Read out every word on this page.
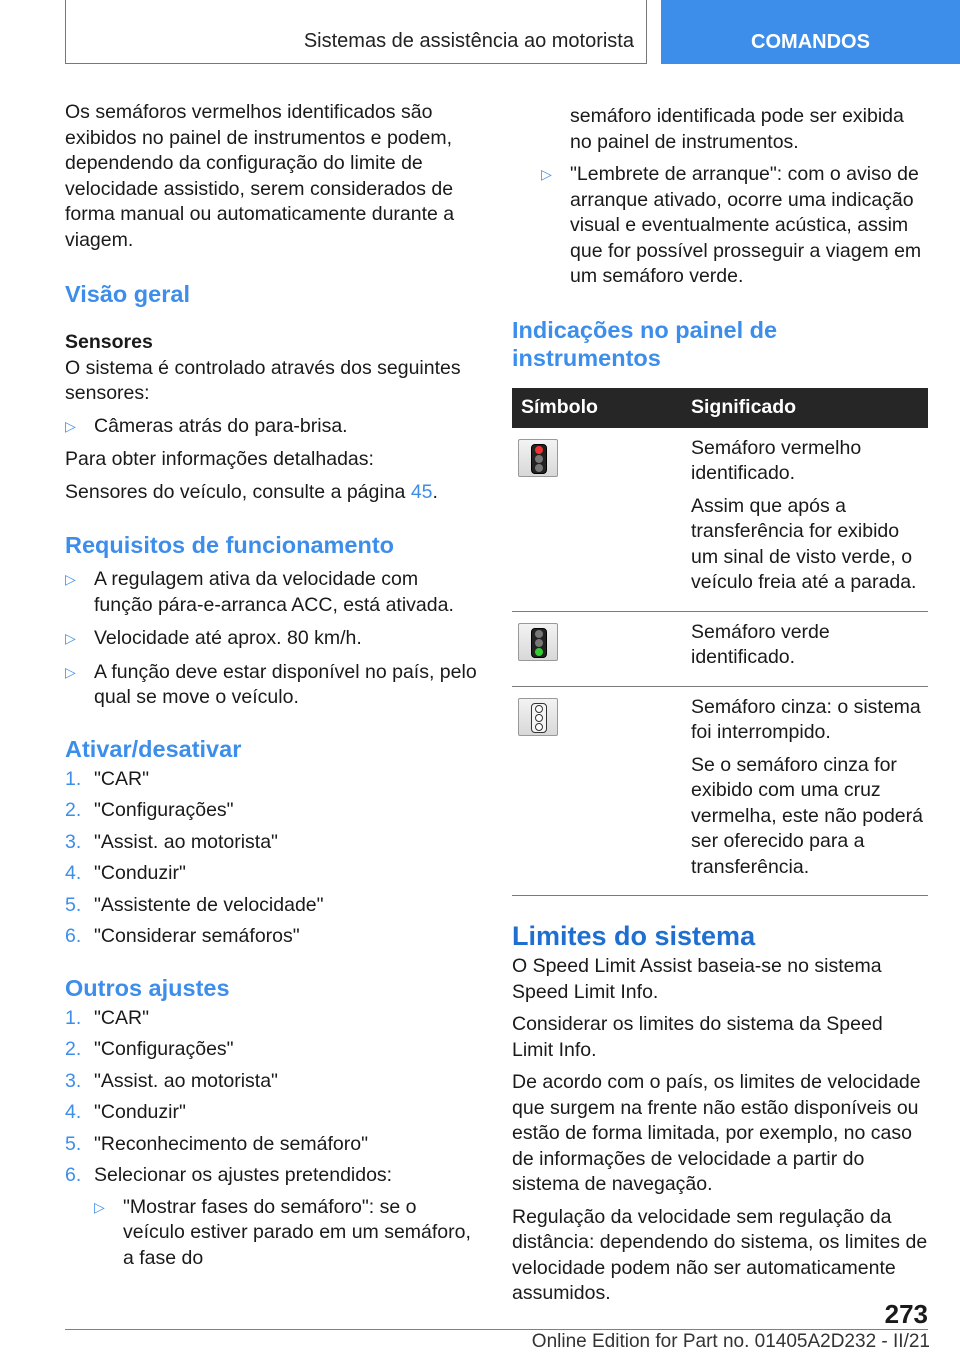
Sistemas de assistência ao motorista	COMANDOS

Os semáforos vermelhos identificados são exibidos no painel de instrumentos e podem, dependendo da configuração do limite de velocidade assistido, serem considerados de forma manual ou automaticamente durante a viagem.

Visão geral

Sensores

O sistema é controlado através dos seguintes sensores:

▷ Câmeras atrás do para-brisa.

Para obter informações detalhadas:

Sensores do veículo, consulte a página 45.

Requisitos de funcionamento

▷ A regulagem ativa da velocidade com função pára-e-arranca ACC, está ativada.
▷ Velocidade até aprox. 80 km/h.
▷ A função deve estar disponível no país, pelo qual se move o veículo.

Ativar/desativar

1. "CAR"
2. "Configurações"
3. "Assist. ao motorista"
4. "Conduzir"
5. "Assistente de velocidade"
6. "Considerar semáforos"

Outros ajustes

1. "CAR"
2. "Configurações"
3. "Assist. ao motorista"
4. "Conduzir"
5. "Reconhecimento de semáforo"
6. Selecionar os ajustes pretendidos:
▷ "Mostrar fases do semáforo": se o veículo estiver parado em um semáforo, a fase do

semáforo identificada pode ser exibida no painel de instrumentos.

▷ "Lembrete de arranque": com o aviso de arranque ativado, ocorre uma indicação visual e eventualmente acústica, assim que for possível prosseguir a viagem em um semáforo verde.

Indicações no painel de instrumentos

Símbolo	Significado

	Semáforo vermelho identificado.

Assim que após a transferência for exibido um sinal de visto verde, o veículo freia até a parada.

	Semáforo verde identificado.

	Semáforo cinza: o sistema foi interrompido.

Se o semáforo cinza for exibido com uma cruz vermelha, este não poderá ser oferecido para a transferência.

Limites do sistema

O Speed Limit Assist baseia-se no sistema Speed Limit Info.

Considerar os limites do sistema da Speed Limit Info.

De acordo com o país, os limites de velocidade que surgem na frente não estão disponíveis ou estão de forma limitada, por exemplo, no caso de informações de velocidade a partir do sistema de navegação.

Regulação da velocidade sem regulação da distância: dependendo do sistema, os limites de velocidade podem não ser automaticamente assumidos.

273
Online Edition for Part no. 01405A2D232 - II/21
